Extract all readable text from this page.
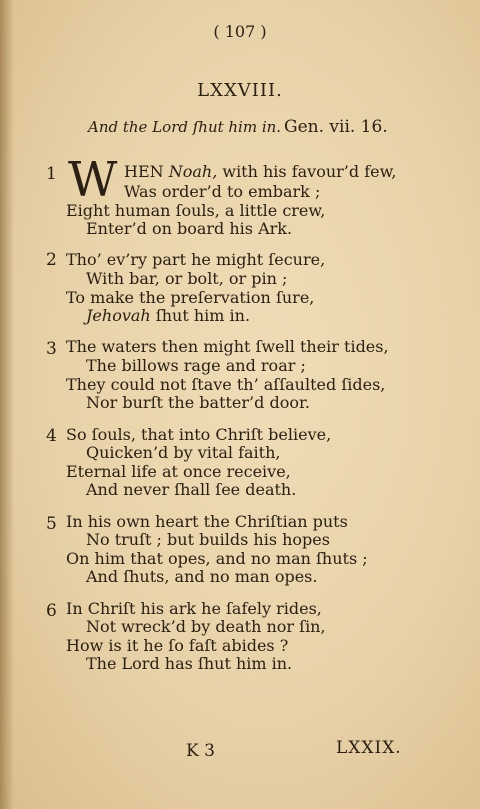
( 107 )
LXXVIII.
And the Lord ſhut him in. Gen. vii. 16.
1 W HEN Noah, with his favour’d few,
Was order’d to embark ;
Eight human ſouls, a little crew,
Enter’d on board his Ark.
2 Tho’ ev’ry part he might ſecure,
With bar, or bolt, or pin ;
To make the preſervation ſure,
Jehovah ſhut him in.
3 The waters then might ſwell their tides,
The billows rage and roar ;
They could not ſtave th’ aſſaulted ſides,
Nor burſt the batter’d door.
4 So ſouls, that into Chriſt believe,
Quicken’d by vital faith,
Eternal life at once receive,
And never ſhall ſee death.
5 In his own heart the Chriſtian puts
No truſt ; but builds his hopes
On him that opes, and no man ſhuts ;
And ſhuts, and no man opes.
6 In Chriſt his ark he ſafely rides,
Not wreck’d by death nor ſin,
How is it he ſo faſt abides ?
The Lord has ſhut him in.
K 3	LXXIX.
